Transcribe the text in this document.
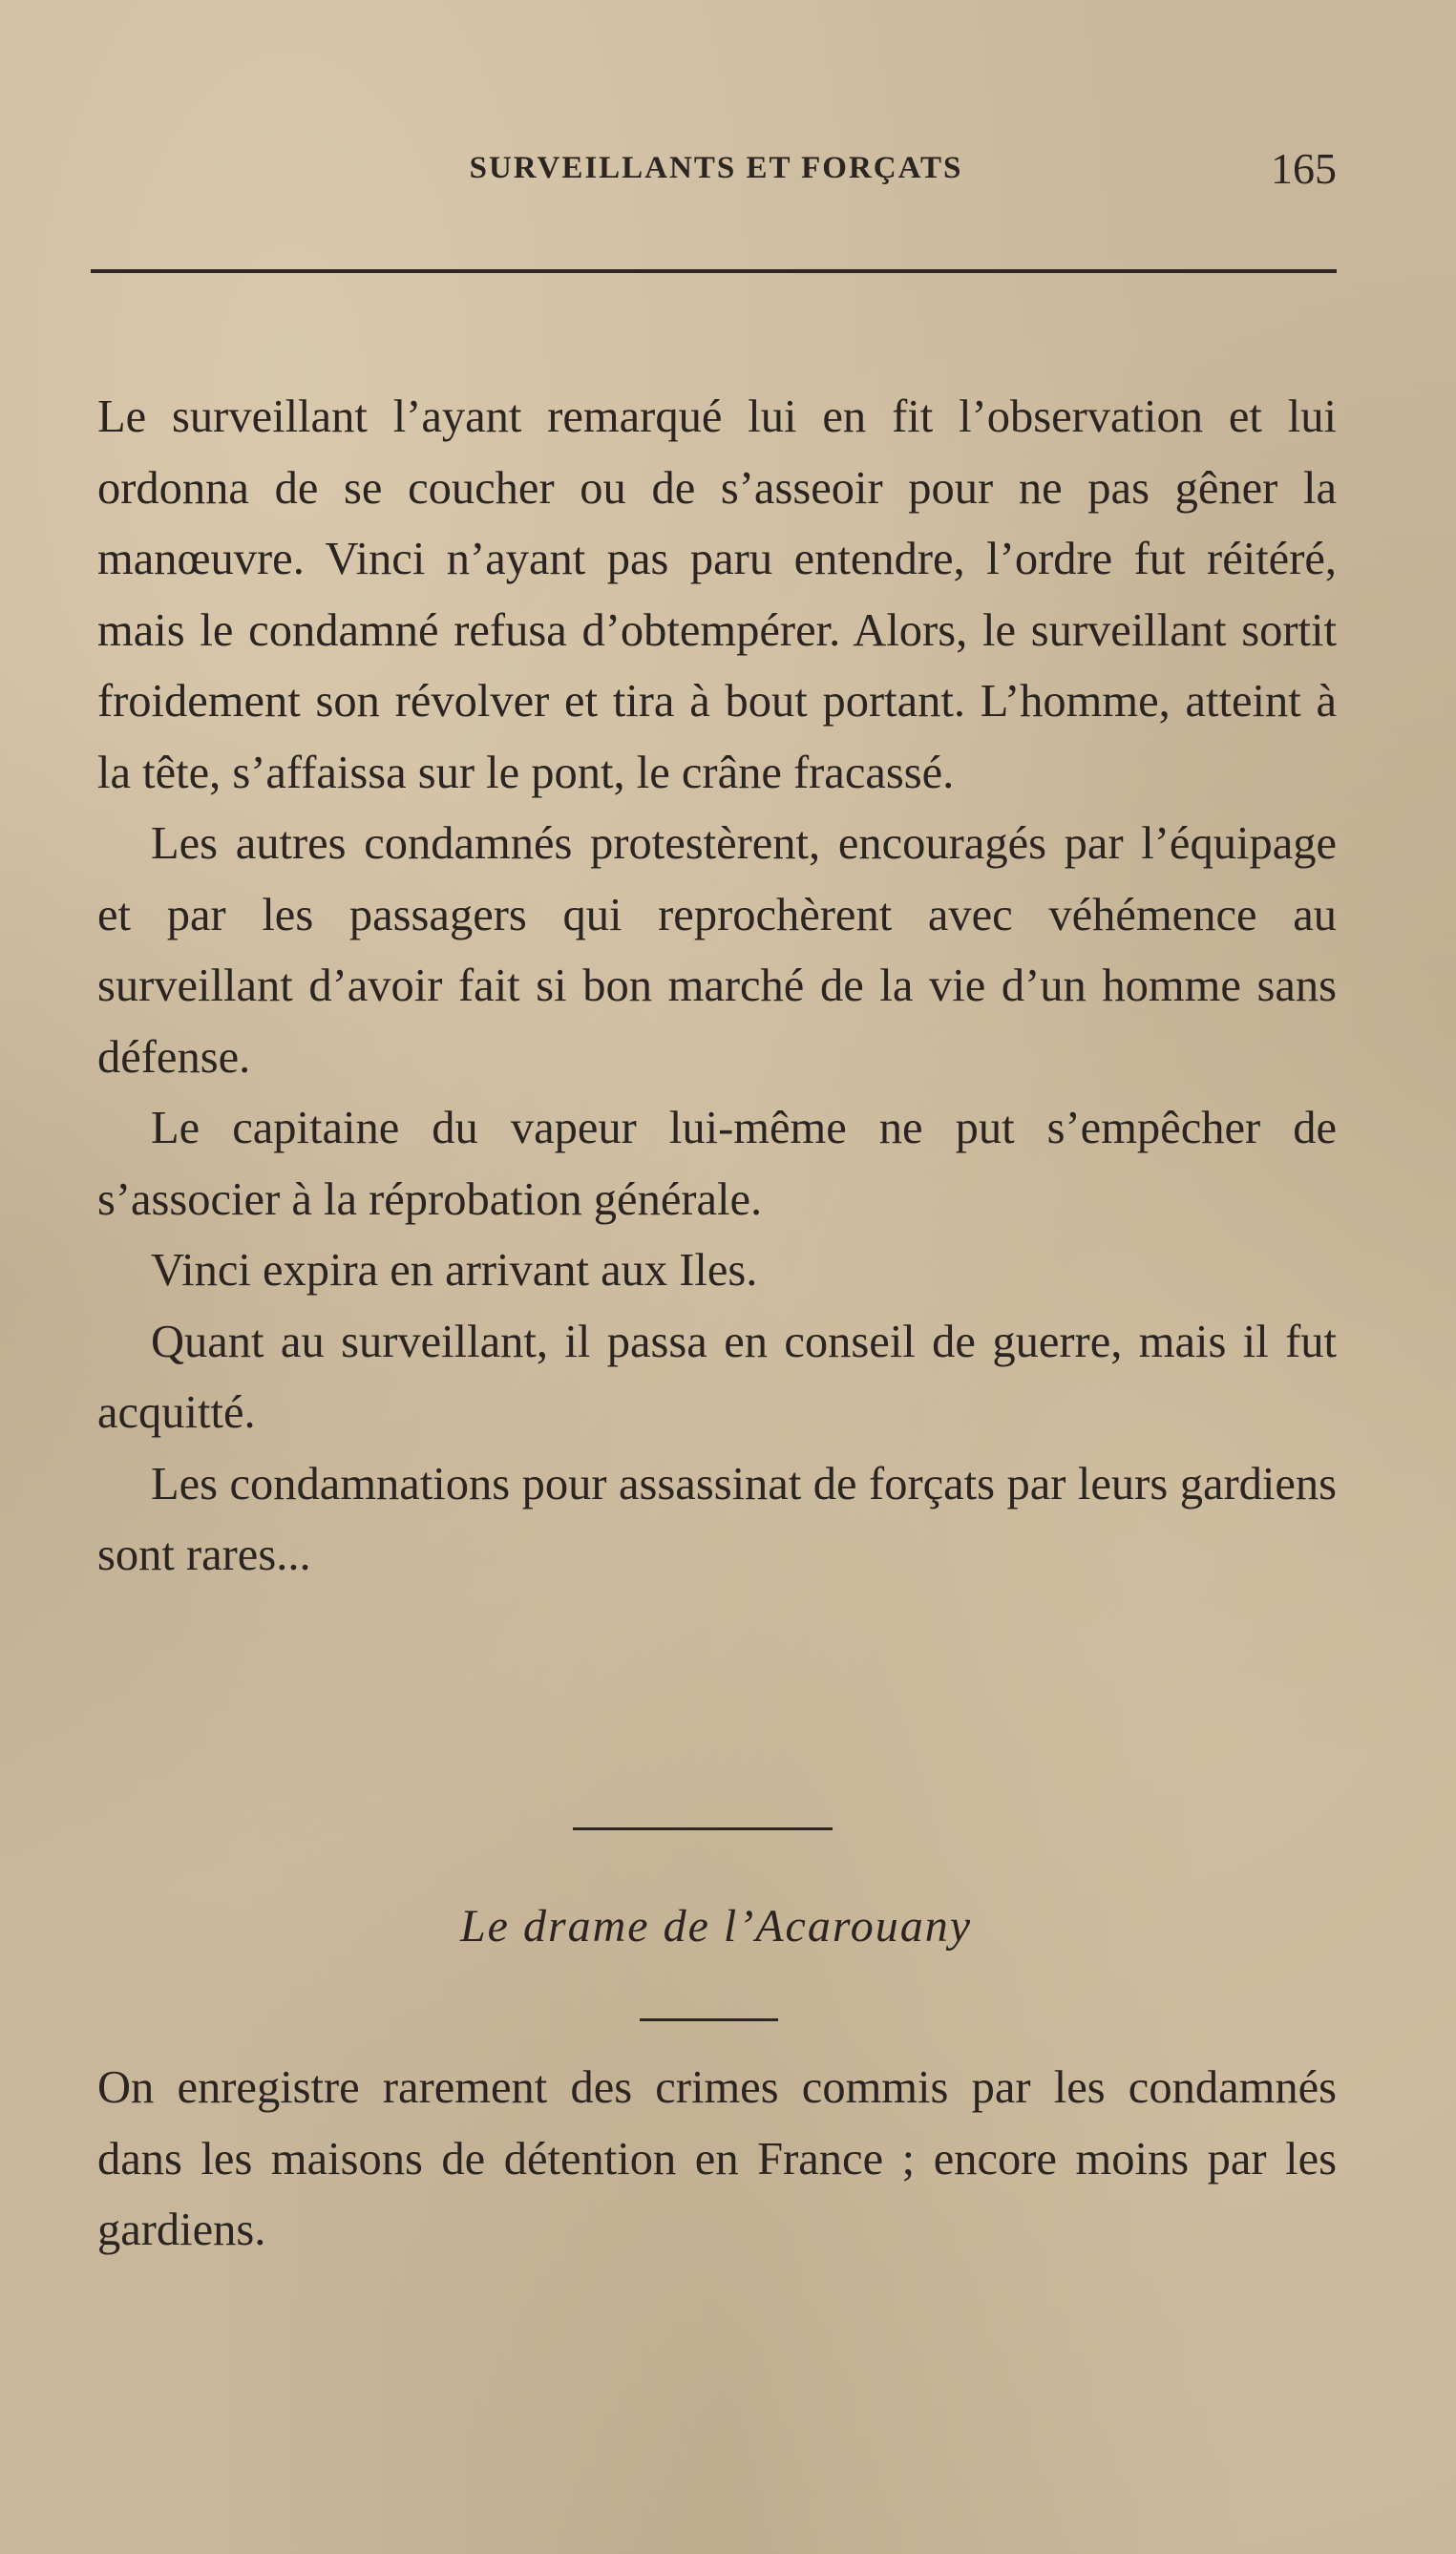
SURVEILLANTS ET FORÇATS	165

Le surveillant l’ayant remarqué lui en fit l’observation et lui ordonna de se coucher ou de s’asseoir pour ne pas gêner la manœuvre. Vinci n’ayant pas paru entendre, l’ordre fut réitéré, mais le condamné refusa d’obtempérer. Alors, le surveillant sortit froidement son révolver et tira à bout portant. L’homme, atteint à la tête, s’affaissa sur le pont, le crâne fracassé.

Les autres condamnés protestèrent, encouragés par l’équipage et par les passagers qui reprochèrent avec véhémence au surveillant d’avoir fait si bon marché de la vie d’un homme sans défense.

Le capitaine du vapeur lui-même ne put s’empêcher de s’associer à la réprobation générale.

Vinci expira en arrivant aux Iles.

Quant au surveillant, il passa en conseil de guerre, mais il fut acquitté.

Les condamnations pour assassinat de forçats par leurs gardiens sont rares...

Le drame de l’Acarouany

On enregistre rarement des crimes commis par les condamnés dans les maisons de détention en France ; encore moins par les gardiens.
